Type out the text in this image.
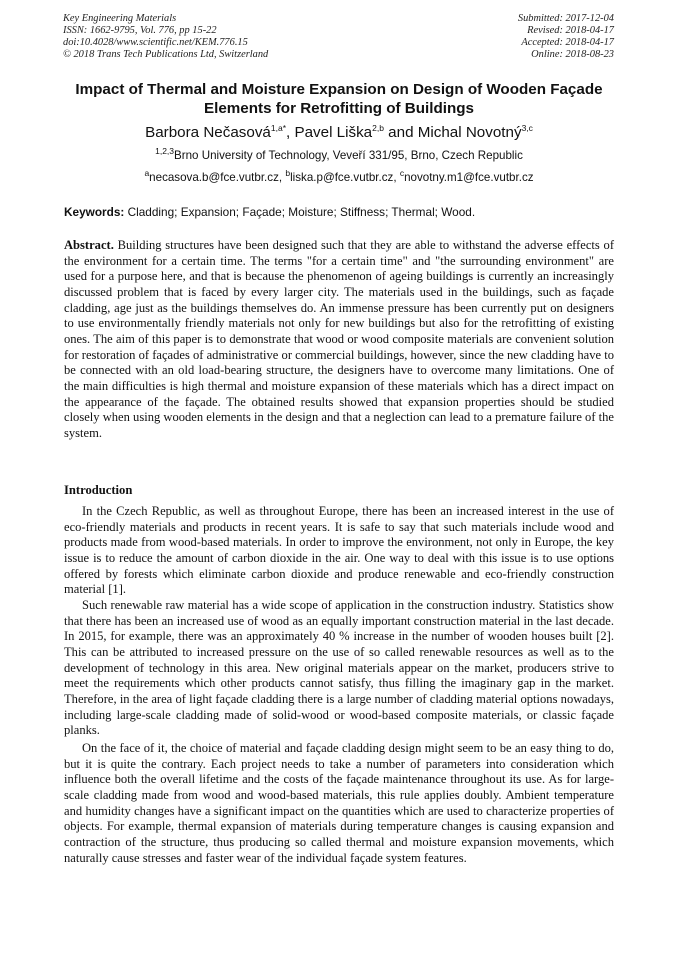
Key Engineering Materials
ISSN: 1662-9795, Vol. 776, pp 15-22
doi:10.4028/www.scientific.net/KEM.776.15
© 2018 Trans Tech Publications Ltd, Switzerland
Submitted: 2017-12-04
Revised: 2018-04-17
Accepted: 2018-04-17
Online: 2018-08-23
Impact of Thermal and Moisture Expansion on Design of Wooden Façade Elements for Retrofitting of Buildings
Barbora Nečasová$^{1,a*}$, Pavel Liška$^{2,b}$ and Michal Novotný$^{3,c}$
$^{1,2,3}$Brno University of Technology, Veveří 331/95, Brno, Czech Republic
$^a$necasova.b@fce.vutbr.cz, $^b$liska.p@fce.vutbr.cz, $^c$novotny.m1@fce.vutbr.cz
Keywords: Cladding; Expansion; Façade; Moisture; Stiffness; Thermal; Wood.
Abstract. Building structures have been designed such that they are able to withstand the adverse effects of the environment for a certain time. The terms "for a certain time" and "the surrounding environment" are used for a purpose here, and that is because the phenomenon of ageing buildings is currently an increasingly discussed problem that is faced by every larger city. The materials used in the buildings, such as façade cladding, age just as the buildings themselves do. An immense pressure has been currently put on designers to use environmentally friendly materials not only for new buildings but also for the retrofitting of existing ones. The aim of this paper is to demonstrate that wood or wood composite materials are convenient solution for restoration of façades of administrative or commercial buildings, however, since the new cladding have to be connected with an old load-bearing structure, the designers have to overcome many limitations. One of the main difficulties is high thermal and moisture expansion of these materials which has a direct impact on the appearance of the façade. The obtained results showed that expansion properties should be studied closely when using wooden elements in the design and that a neglection can lead to a premature failure of the system.
Introduction
In the Czech Republic, as well as throughout Europe, there has been an increased interest in the use of eco-friendly materials and products in recent years. It is safe to say that such materials include wood and products made from wood-based materials. In order to improve the environment, not only in Europe, the key issue is to reduce the amount of carbon dioxide in the air. One way to deal with this issue is to use options offered by forests which eliminate carbon dioxide and produce renewable and eco-friendly construction material [1].
Such renewable raw material has a wide scope of application in the construction industry. Statistics show that there has been an increased use of wood as an equally important construction material in the last decade. In 2015, for example, there was an approximately 40 % increase in the number of wooden houses built [2]. This can be attributed to increased pressure on the use of so called renewable resources as well as to the development of technology in this area. New original materials appear on the market, producers strive to meet the requirements which other products cannot satisfy, thus filling the imaginary gap in the market. Therefore, in the area of light façade cladding there is a large number of cladding material options nowadays, including large-scale cladding made of solid-wood or wood-based composite materials, or classic façade planks.
On the face of it, the choice of material and façade cladding design might seem to be an easy thing to do, but it is quite the contrary. Each project needs to take a number of parameters into consideration which influence both the overall lifetime and the costs of the façade maintenance throughout its use. As for large-scale cladding made from wood and wood-based materials, this rule applies doubly. Ambient temperature and humidity changes have a significant impact on the quantities which are used to characterize properties of objects. For example, thermal expansion of materials during temperature changes is causing expansion and contraction of the structure, thus producing so called thermal and moisture expansion movements, which naturally cause stresses and faster wear of the individual façade system features.
